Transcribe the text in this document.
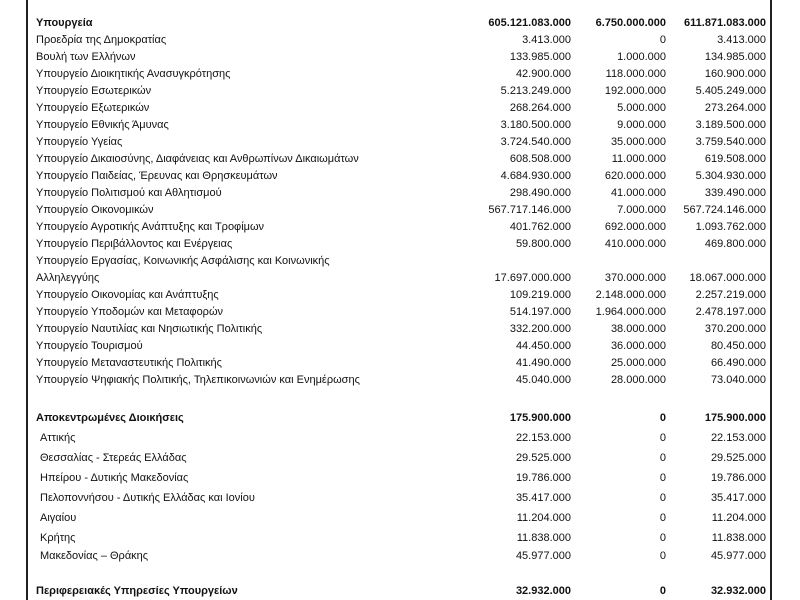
Υπουργεία	605.121.083.000 6.750.000.000 611.871.083.000
Προεδρία της Δημοκρατίας	3.413.000	0	3.413.000
Βουλή των Ελλήνων	133.985.000	1.000.000	134.985.000
Υπουργείο Διοικητικής Ανασυγκρότησης	42.900.000	118.000.000	160.900.000
Υπουργείο Εσωτερικών	5.213.249.000	192.000.000	5.405.249.000
Υπουργείο Εξωτερικών	268.264.000	5.000.000	273.264.000
Υπουργείο Εθνικής Άμυνας	3.180.500.000	9.000.000	3.189.500.000
Υπουργείο Υγείας	3.724.540.000	35.000.000	3.759.540.000
Υπουργείο Δικαιοσύνης, Διαφάνειας και Ανθρωπίνων Δικαιωμάτων	608.508.000	11.000.000	619.508.000
Υπουργείο Παιδείας, Έρευνας και Θρησκευμάτων	4.684.930.000	620.000.000	5.304.930.000
Υπουργείο Πολιτισμού και Αθλητισμού	298.490.000	41.000.000	339.490.000
Υπουργείο Οικονομικών	567.717.146.000	7.000.000 567.724.146.000
Υπουργείο Αγροτικής Ανάπτυξης και Τροφίμων	401.762.000	692.000.000	1.093.762.000
Υπουργείο Περιβάλλοντος και Ενέργειας	59.800.000	410.000.000	469.800.000
Υπουργείο Εργασίας, Κοινωνικής Ασφάλισης και Κοινωνικής
Αλληλεγγύης	17.697.000.000	370.000.000 18.067.000.000
Υπουργείο Οικονομίας και Ανάπτυξης	109.219.000 2.148.000.000	2.257.219.000
Υπουργείο Υποδομών και Μεταφορών	514.197.000 1.964.000.000	2.478.197.000
Υπουργείο Ναυτιλίας και Νησιωτικής Πολιτικής	332.200.000	38.000.000	370.200.000
Υπουργείο Τουρισμού	44.450.000	36.000.000	80.450.000
Υπουργείο Μεταναστευτικής Πολιτικής	41.490.000	25.000.000	66.490.000
Υπουργείο Ψηφιακής Πολιτικής, Τηλεπικοινωνιών και Ενημέρωσης	45.040.000	28.000.000	73.040.000
Αποκεντρωμένες Διοικήσεις	175.900.000	0	175.900.000
Αττικής	22.153.000	0	22.153.000
Θεσσαλίας - Στερεάς Ελλάδας	29.525.000	0	29.525.000
Ηπείρου - Δυτικής Μακεδονίας	19.786.000	0	19.786.000
Πελοποννήσου - Δυτικής Ελλάδας και Ιονίου	35.417.000	0	35.417.000
Αιγαίου	11.204.000	0	11.204.000
Κρήτης	11.838.000	0	11.838.000
Μακεδονίας – Θράκης	45.977.000	0	45.977.000
Περιφερειακές Υπηρεσίες Υπουργείων	32.932.000	0	32.932.000
